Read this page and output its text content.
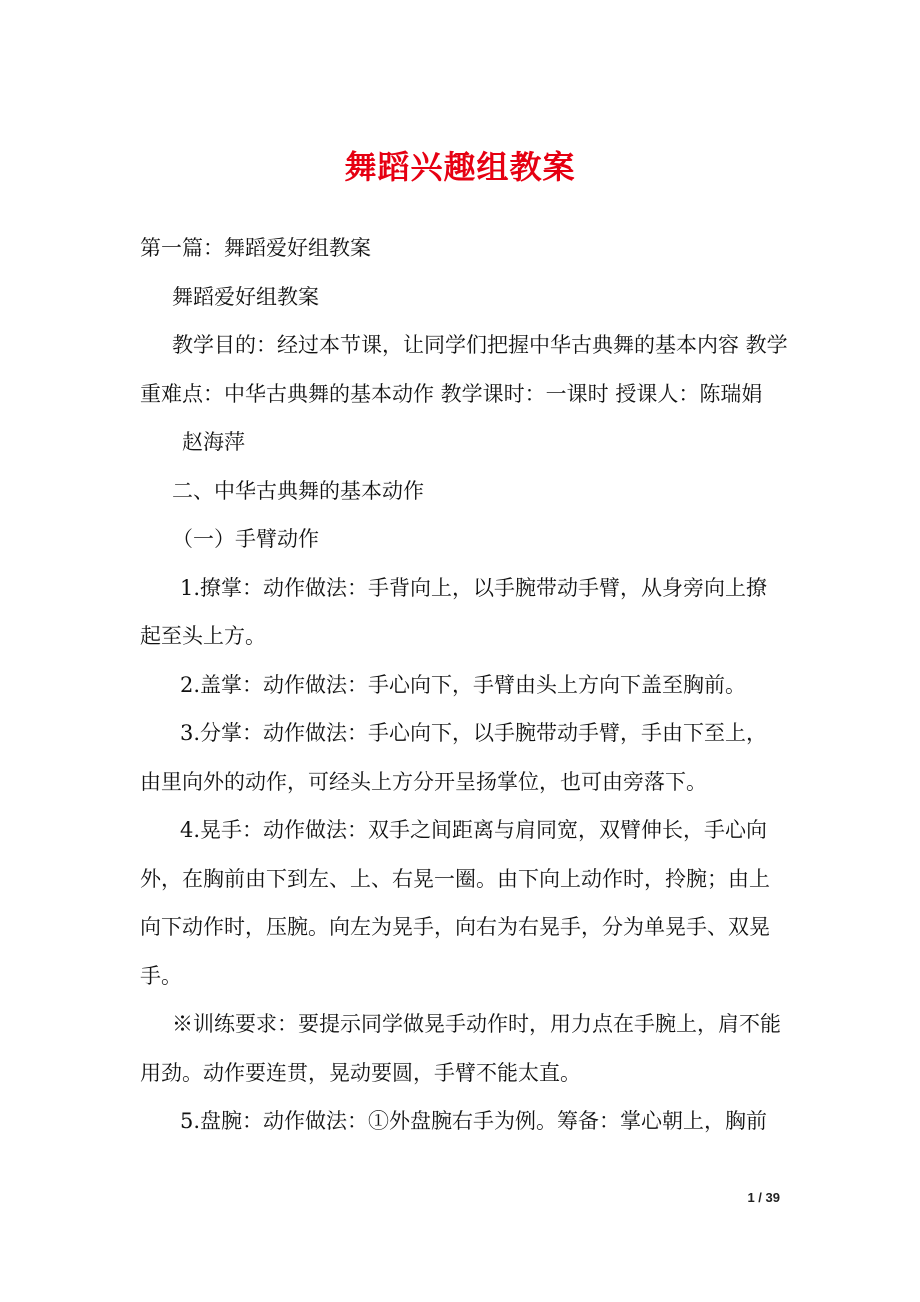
舞蹈兴趣组教案

第一篇：舞蹈爱好组教案

舞蹈爱好组教案

教学目的：经过本节课，让同学们把握中华古典舞的基本内容 教学重难点：中华古典舞的基本动作 教学课时：一课时 授课人：陈瑞娟

赵海萍

二、中华古典舞的基本动作

（一）手臂动作

1.撩掌：动作做法：手背向上，以手腕带动手臂，从身旁向上撩起至头上方。

2.盖掌：动作做法：手心向下，手臂由头上方向下盖至胸前。

3.分掌：动作做法：手心向下，以手腕带动手臂，手由下至上，由里向外的动作，可经头上方分开呈扬掌位，也可由旁落下。

4.晃手：动作做法：双手之间距离与肩同宽，双臂伸长，手心向外，在胸前由下到左、上、右晃一圈。由下向上动作时，拎腕；由上向下动作时，压腕。向左为晃手，向右为右晃手，分为单晃手、双晃手。

※训练要求：要提示同学做晃手动作时，用力点在手腕上，肩不能用劲。动作要连贯，晃动要圆，手臂不能太直。

5.盘腕：动作做法：①外盘腕右手为例。筹备：掌心朝上，胸前

1 / 39
